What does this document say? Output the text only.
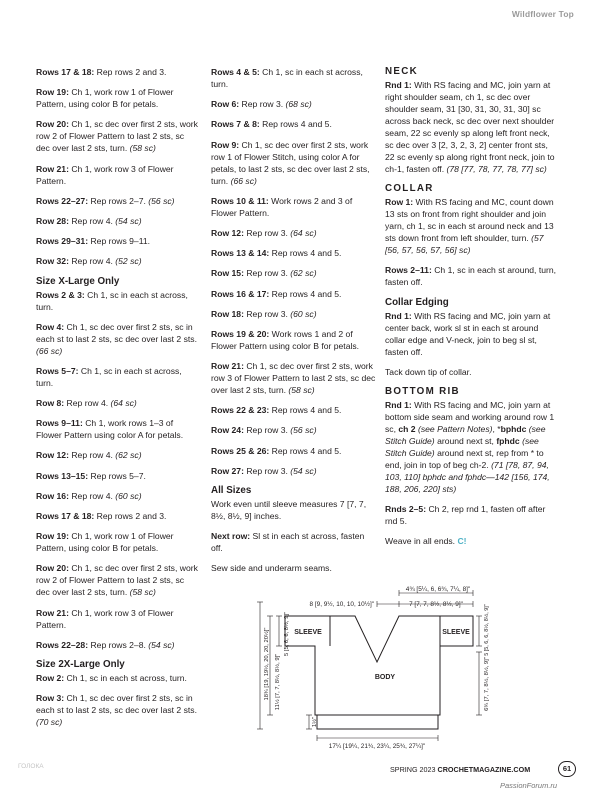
Wildflower Top
Rows 17 & 18: Rep rows 2 and 3.
Row 19: Ch 1, work row 1 of Flower Pattern, using color B for petals.
Row 20: Ch 1, sc dec over first 2 sts, work row 2 of Flower Pattern to last 2 sts, sc dec over last 2 sts, turn. (58 sc)
Row 21: Ch 1, work row 3 of Flower Pattern.
Rows 22–27: Rep rows 2–7. (56 sc)
Row 28: Rep row 4. (54 sc)
Rows 29–31: Rep rows 9–11.
Row 32: Rep row 4. (52 sc)
Size X-Large Only
Rows 2 & 3: Ch 1, sc in each st across, turn.
Row 4: Ch 1, sc dec over first 2 sts, sc in each st to last 2 sts, sc dec over last 2 sts. (66 sc)
Rows 5–7: Ch 1, sc in each st across, turn.
Row 8: Rep row 4. (64 sc)
Rows 9–11: Ch 1, work rows 1–3 of Flower Pattern using color A for petals.
Row 12: Rep row 4. (62 sc)
Rows 13–15: Rep rows 5–7.
Row 16: Rep row 4. (60 sc)
Rows 17 & 18: Rep rows 2 and 3.
Row 19: Ch 1, work row 1 of Flower Pattern, using color B for petals.
Row 20: Ch 1, sc dec over first 2 sts, work row 2 of Flower Pattern to last 2 sts, sc dec over last 2 sts, turn. (58 sc)
Row 21: Ch 1, work row 3 of Flower Pattern.
Rows 22–28: Rep rows 2–8. (54 sc)
Size 2X-Large Only
Row 2: Ch 1, sc in each st across, turn.
Row 3: Ch 1, sc dec over first 2 sts, sc in each st to last 2 sts, sc dec over last 2 sts. (70 sc)
Rows 4 & 5: Ch 1, sc in each st across, turn.
Row 6: Rep row 3. (68 sc)
Rows 7 & 8: Rep rows 4 and 5.
Row 9: Ch 1, sc dec over first 2 sts, work row 1 of Flower Stitch, using color A for petals, to last 2 sts, sc dec over last 2 sts, turn. (66 sc)
Rows 10 & 11: Work rows 2 and 3 of Flower Pattern.
Row 12: Rep row 3. (64 sc)
Rows 13 & 14: Rep rows 4 and 5.
Row 15: Rep row 3. (62 sc)
Rows 16 & 17: Rep rows 4 and 5.
Row 18: Rep row 3. (60 sc)
Rows 19 & 20: Work rows 1 and 2 of Flower Pattern using color B for petals.
Row 21: Ch 1, sc dec over first 2 sts, work row 3 of Flower Pattern to last 2 sts, sc dec over last 2 sts, turn. (58 sc)
Rows 22 & 23: Rep rows 4 and 5.
Row 24: Rep row 3. (56 sc)
Rows 25 & 26: Rep rows 4 and 5.
Row 27: Rep row 3. (54 sc)
All Sizes
Work even until sleeve measures 7 [7, 7, 8½, 8½, 9] inches.
Next row: Sl st in each st across, fasten off.
Sew side and underarm seams.
NECK
Rnd 1: With RS facing and MC, join yarn at right shoulder seam, ch 1, sc dec over shoulder seam, 31 [30, 31, 30, 31, 30] sc across back neck, sc dec over next shoulder seam, 22 sc evenly sp along left front neck, sc dec over 3 [2, 3, 2, 3, 2] center front sts, 22 sc evenly sp along right front neck, join to ch-1, fasten off. (78 [77, 78, 77, 78, 77] sc)
COLLAR
Row 1: With RS facing and MC, count down 13 sts on front from right shoulder and join yarn, ch 1, sc in each st around neck and 13 sts down front from left shoulder, turn. (57 [56, 57, 56, 57, 56] sc)
Rows 2–11: Ch 1, sc in each st around, turn, fasten off.
Collar Edging
Rnd 1: With RS facing and MC, join yarn at center back, work sl st in each st around collar edge and V-neck, join to beg sl st, fasten off.
Tack down tip of collar.
BOTTOM RIB
Rnd 1: With RS facing and MC, join yarn at bottom side seam and working around row 1 sc, ch 2 (see Pattern Notes), *bphdc (see Stitch Guide) around next st, fphdc (see Stitch Guide) around next st, rep from * to end, join in top of beg ch-2. (71 [78, 87, 94, 103, 110] bphdc and fphdc—142 [156, 174, 188, 206, 220] sts)
Rnds 2–5: Ch 2, rep rnd 1, fasten off after rnd 5.
Weave in all ends. C!
4¾ [5¼, 6, 6¾, 7¼, 8]"
8 [9, 9½, 10, 10, 10½]"	7 [7, 7, 8½, 8½, 9]"
SLEEVE	SLEEVE
BODY
5 [5, 6, 6, 8½, 9]"
11½ [7, 7, 8½, 8½, 9]"
18¾ [19, 19½, 20, 20, 20½]"	5 [5, 6, 6, 8½, 8½, 9]"
6¾ [7, 7, 8½, 8½, 9]"
1½"
17¼ [19¼, 21¾, 23¼, 25¾, 27¼]"
ГОЛОКА	SPRING 2023 CROCHETMAGAZINE.COM	61
PassionForum.ru
